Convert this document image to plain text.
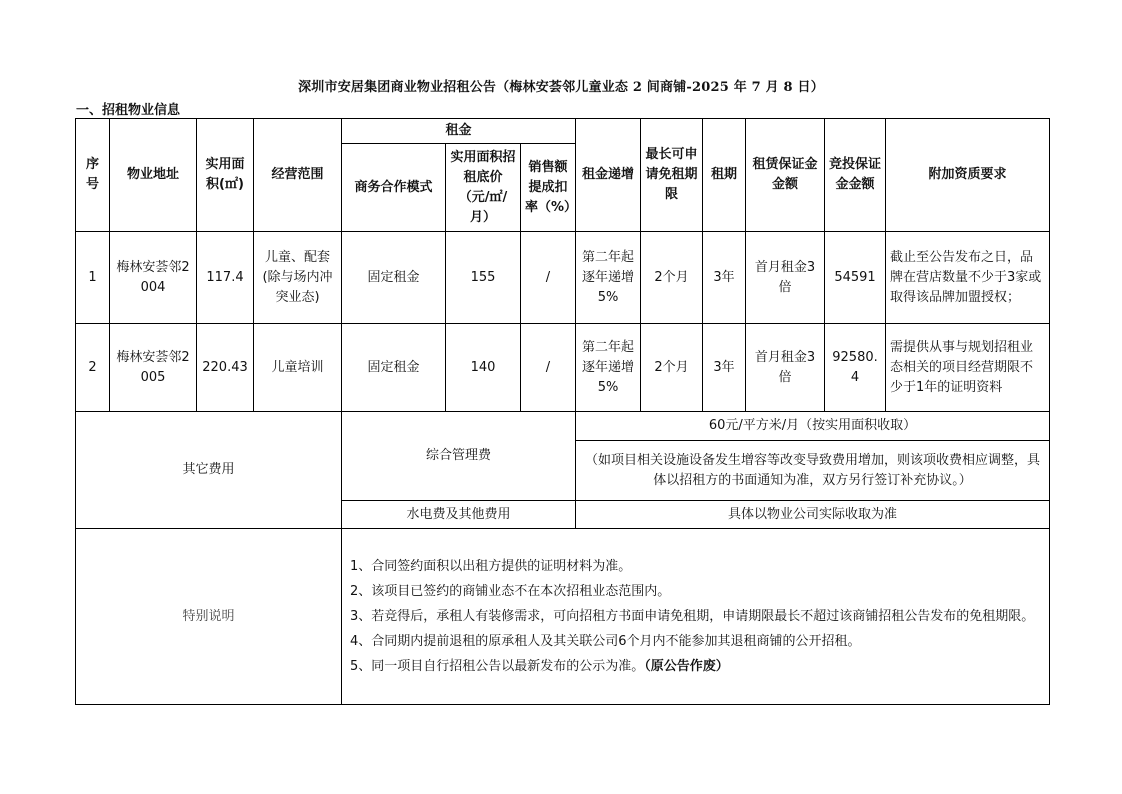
深圳市安居集团商业物业招租公告（梅林安荟邻儿童业态 2 间商铺-2025 年 7 月 8 日）
一、招租物业信息
序号	物业地址	实用面积(㎡)	经营范围	租金			租金递增	最长可申请免租期限	租期	租赁保证金金额	竞投保证金金额	附加资质要求
				商务合作模式	实用面积招租底价（元/㎡/月）	销售额提成扣率（%）						
1	梅林安荟邻2004	117.4	儿童、配套(除与场内冲突业态)	固定租金	155	/	第二年起逐年递增5%	2个月	3年	首月租金3倍	54591	截止至公告发布之日，品牌在营店数量不少于3家或取得该品牌加盟授权；
2	梅林安荟邻2005	220.43	儿童培训	固定租金	140	/	第二年起逐年递增5%	2个月	3年	首月租金3倍	92580.4	需提供从事与规划招租业态相关的项目经营期限不少于1年的证明资料
其它费用				综合管理费			60元/平方米/月（按实用面积收取）					
							（如项目相关设施设备发生增容等改变导致费用增加，则该项收费相应调整，具体以招租方的书面通知为准，双方另行签订补充协议。）					
				水电费及其他费用			具体以物业公司实际收取为准					
特别说明				1、合同签约面积以出租方提供的证明材料为准。
2、该项目已签约的商铺业态不在本次招租业态范围内。
3、若竞得后，承租人有装修需求，可向招租方书面申请免租期，申请期限最长不超过该商铺招租公告发布的免租期限。
4、合同期内提前退租的原承租人及其关联公司6个月内不能参加其退租商铺的公开招租。
5、同一项目自行招租公告以最新发布的公示为准。（原公告作废）								
